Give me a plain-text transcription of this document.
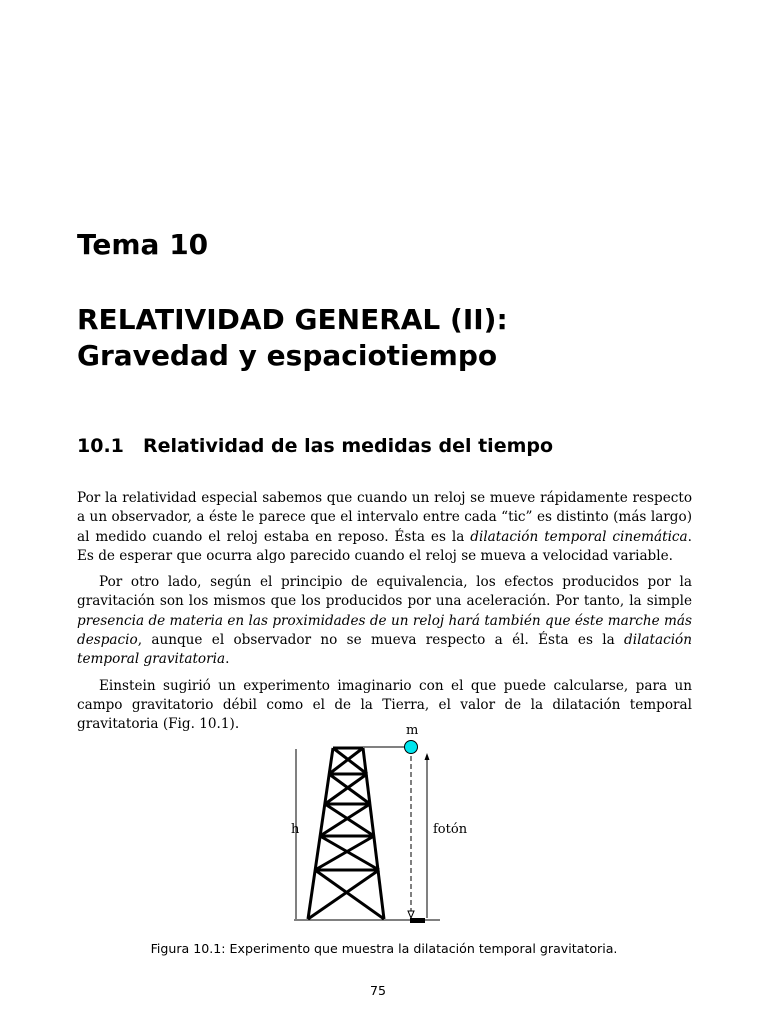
Tema 10
RELATIVIDAD GENERAL (II):
Gravedad y espaciotiempo
10.1 Relatividad de las medidas del tiempo

Por la relatividad especial sabemos que cuando un reloj se mueve rápidamente respecto a un observador, a éste le parece que el intervalo entre cada “tic” es distinto (más largo) al medido cuando el reloj estaba en reposo. Ésta es la dilatación temporal cinemática. Es de esperar que ocurra algo parecido cuando el reloj se mueva a velocidad variable.

Por otro lado, según el principio de equivalencia, los efectos producidos por la gravitación son los mismos que los producidos por una aceleración. Por tanto, la simple presencia de materia en las proximidades de un reloj hará también que éste marche más despacio, aunque el observador no se mueva respecto a él. Ésta es la dilatación temporal gravitatoria.

Einstein sugirió un experimento imaginario con el que puede calcularse, para un campo gravitatorio débil como el de la Tierra, el valor de la dilatación temporal gravitatoria (Fig. 10.1).	m
h	fotón

Figura 10.1: Experimento que muestra la dilatación temporal gravitatoria.

75
